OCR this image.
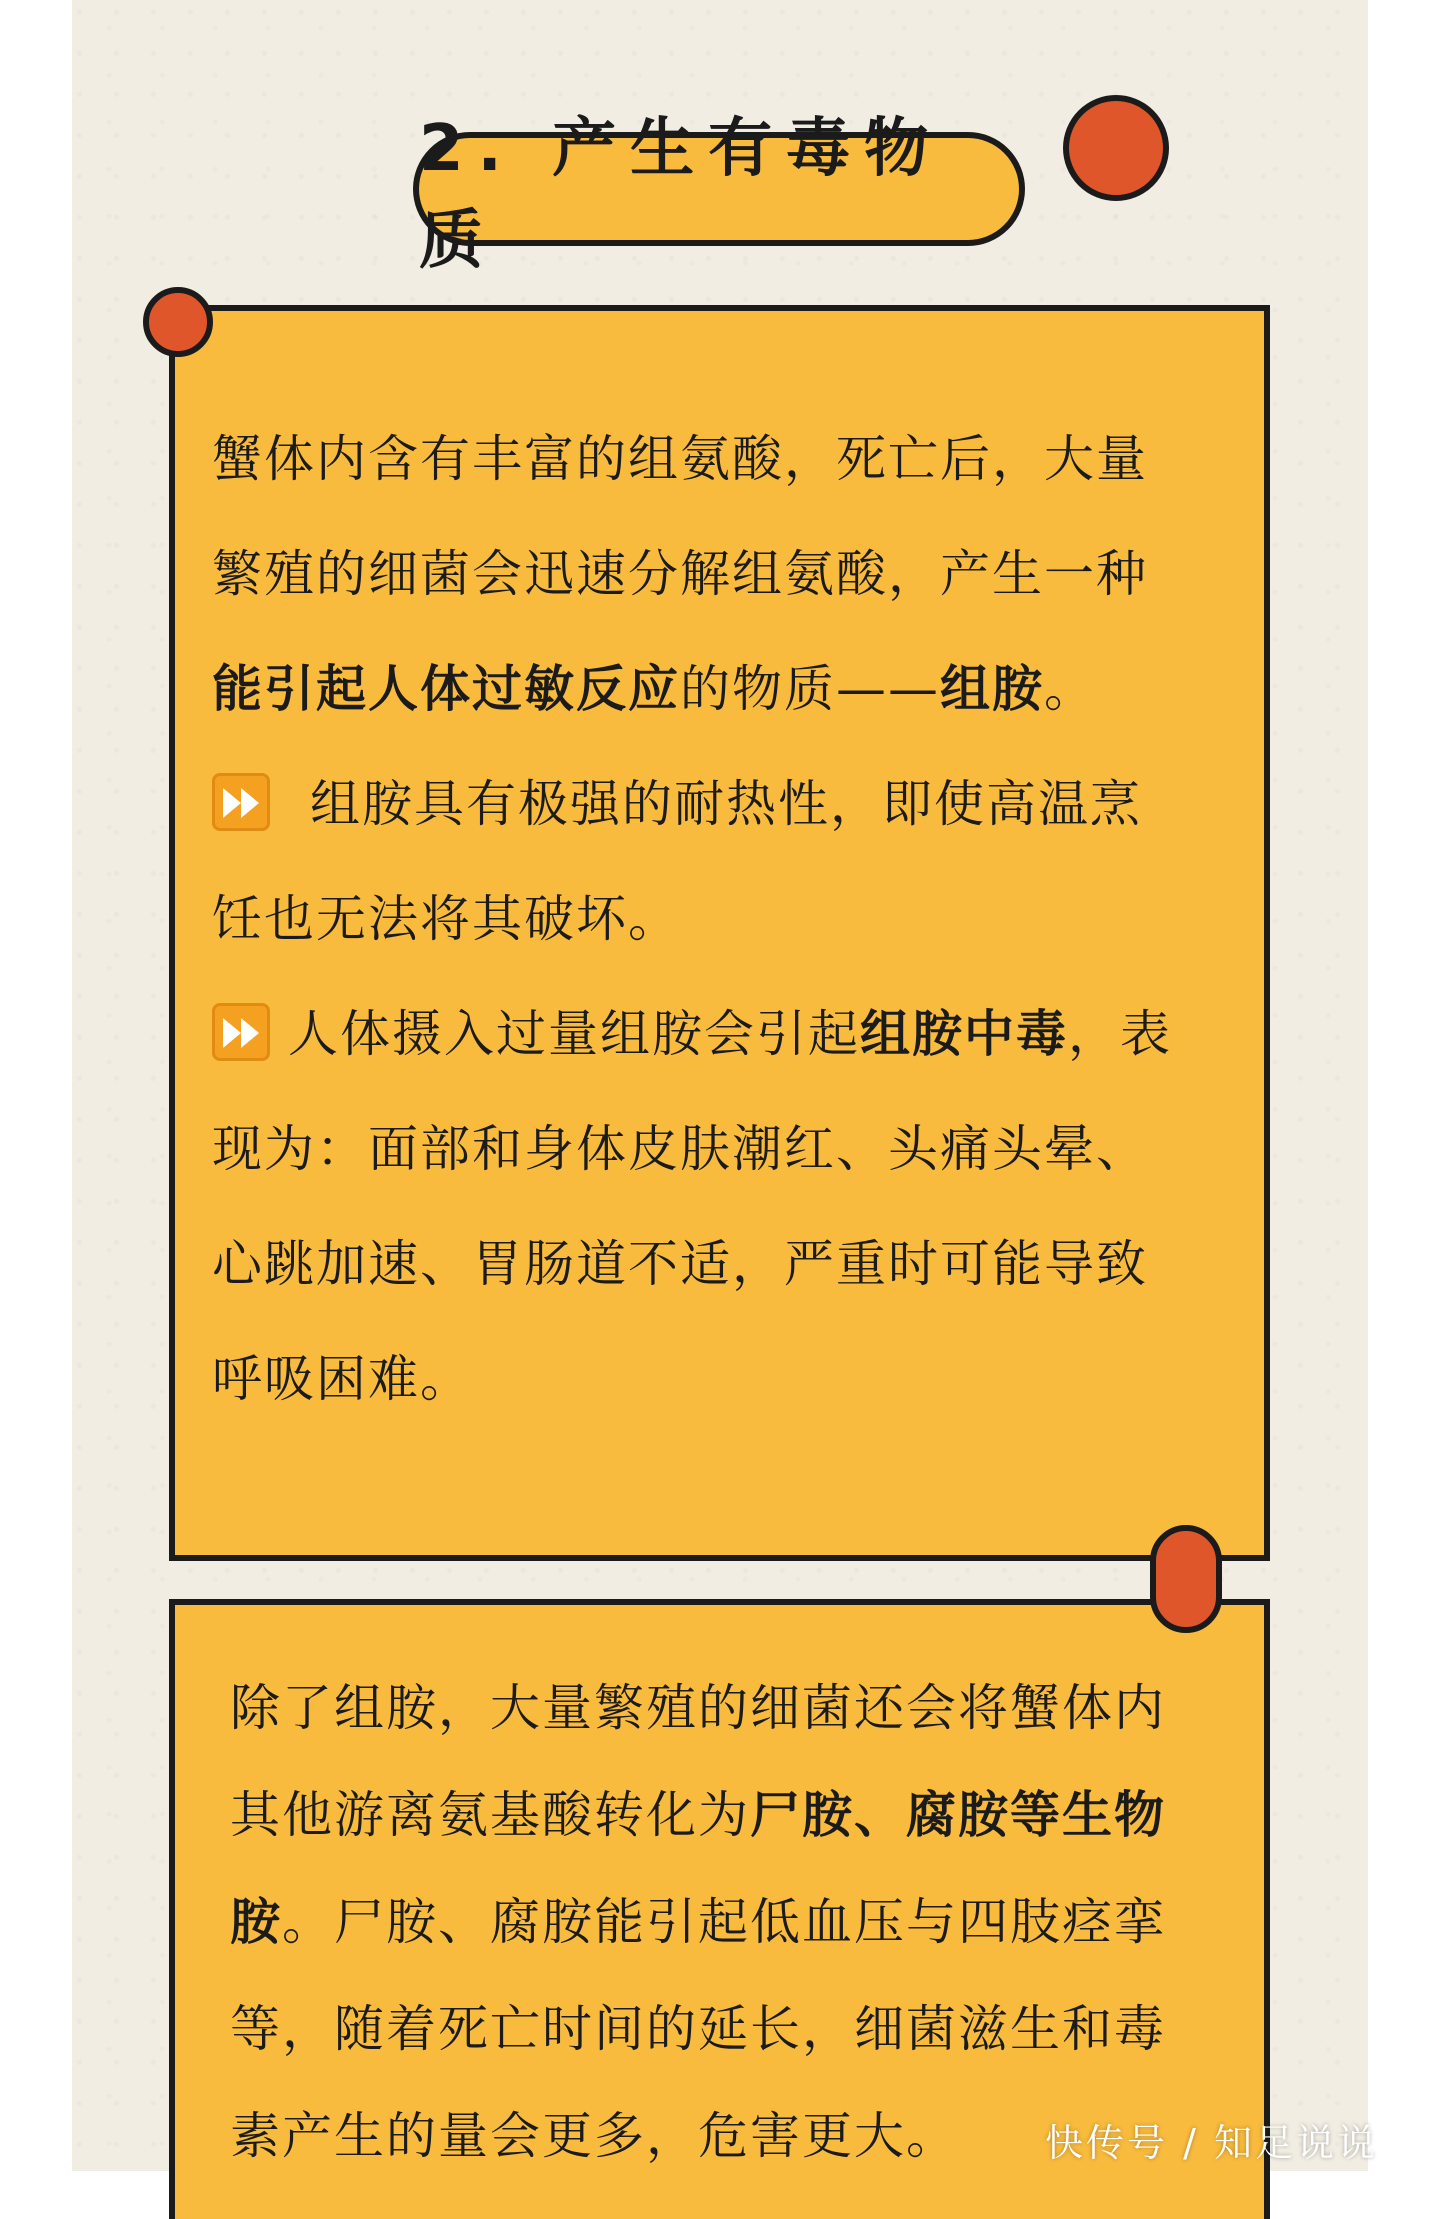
2. 产生有毒物质
蟹体内含有丰富的组氨酸，死亡后，大量
繁殖的细菌会迅速分解组氨酸，产生一种
能引起人体过敏反应的物质——组胺。
组胺具有极强的耐热性，即使高温烹
饪也无法将其破坏。
人体摄入过量组胺会引起组胺中毒，表
现为：面部和身体皮肤潮红、头痛头晕、
心跳加速、胃肠道不适，严重时可能导致
呼吸困难。
除了组胺，大量繁殖的细菌还会将蟹体内
其他游离氨基酸转化为尸胺、腐胺等生物
胺。尸胺、腐胺能引起低血压与四肢痉挛
等，随着死亡时间的延长，细菌滋生和毒
素产生的量会更多，危害更大。	快传号 / 知足说说
